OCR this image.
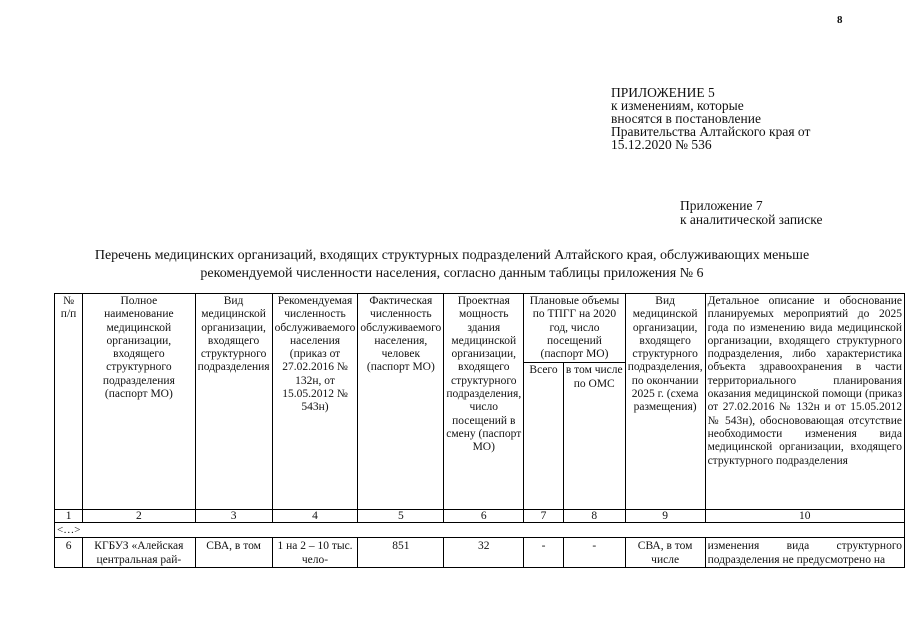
8
ПРИЛОЖЕНИЕ 5
к изменениям, которые
вносятся в постановление
Правительства Алтайского края от
15.12.2020 № 536
Приложение 7
к аналитической записке
Перечень медицинских организаций, входящих структурных подразделений Алтайского края, обслуживающих меньше
рекомендуемой численности населения, согласно данным таблицы приложения № 6
№ п/п	Полное наименование медицинской организации, входящего структурного подразделения (паспорт МО)	Вид медицинской организации, входящего структурного подразделения	Рекомендуемая численность обслуживаемого населения (приказ от 27.02.2016 № 132н, от 15.05.2012 № 543н)	Фактическая численность обслуживаемого населения, человек (паспорт МО)	Проектная мощность здания медицинской организации, входящего структурного подразделения, число посещений в смену (паспорт МО)	Плановые объемы по ТПГГ на 2020 год, число посещений (паспорт МО)		Вид медицинской организации, входящего структурного подразделения, по окончании 2025 г. (схема размещения)	Детальное описание и обоснование планируемых мероприятий до 2025 года по изменению вида медицинской организации, входящего структурного подразделения, либо характеристика объекта здравоохранения в части территориального планирования оказания медицинской помощи (приказ от 27.02.2016 № 132н и от 15.05.2012 № 543н), обоснововающая отсутствие необходимости изменения вида медицинской организации, входящего структурного подразделения
						Всего	в том числе по ОМС		
1	2	3	4	5	6	7	8	9	10
<…>									

6	КГБУЗ «Алейская центральная рай-	СВА, в том	1 на 2 – 10 тыс. чело-	851	32	-	-	СВА, в том числе	изменения вида структурного подразделения не предусмотрено на
